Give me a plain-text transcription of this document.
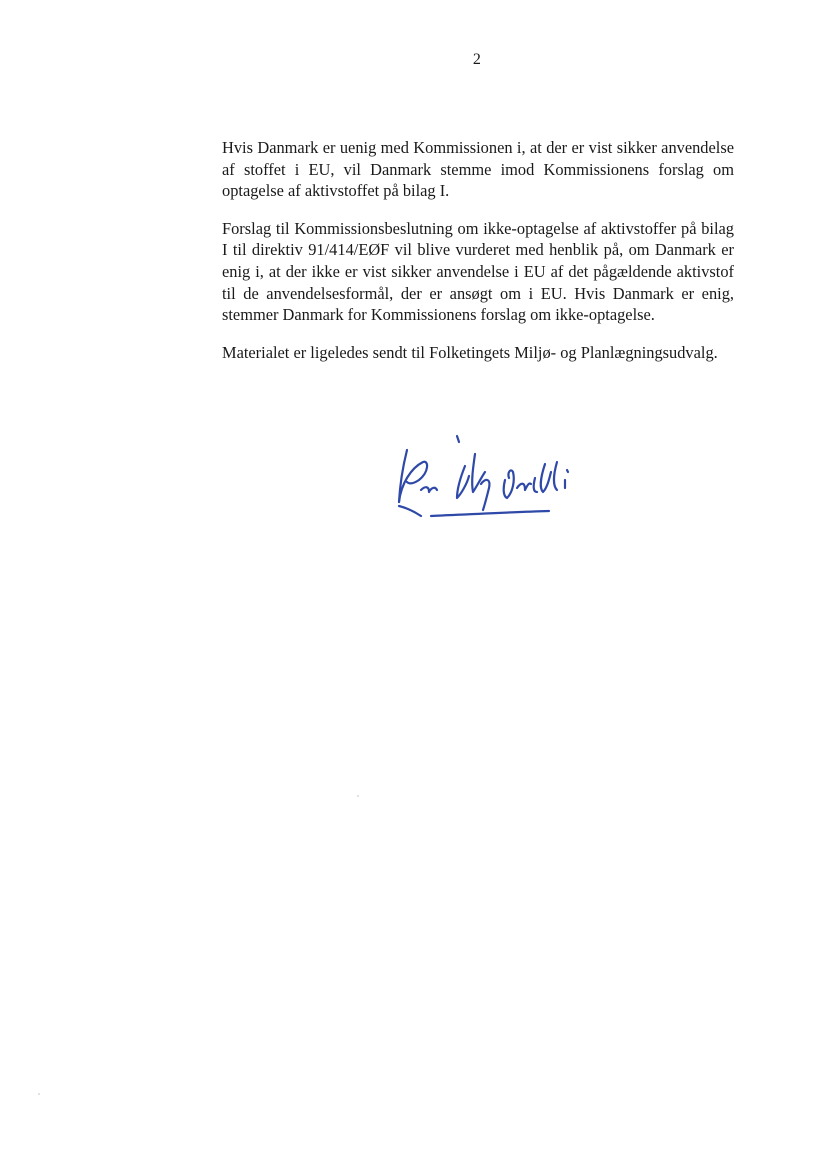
2

Hvis Danmark er uenig med Kommissionen i, at der er vist sikker anvendelse af stoffet i EU, vil Danmark stemme imod Kommissionens forslag om optagelse af aktivstoffet på bilag I.

Forslag til Kommissionsbeslutning om ikke-optagelse af aktivstoffer på bilag I til direktiv 91/414/EØF vil blive vurderet med henblik på, om Danmark er enig i, at der ikke er vist sikker anvendelse i EU af det pågældende aktivstof til de anvendelsesformål, der er ansøgt om i EU. Hvis Danmark er enig, stemmer Danmark for Kommissionens forslag om ikke-optagelse.

Materialet er ligeledes sendt til Folketingets Miljø- og Planlægningsudvalg.
